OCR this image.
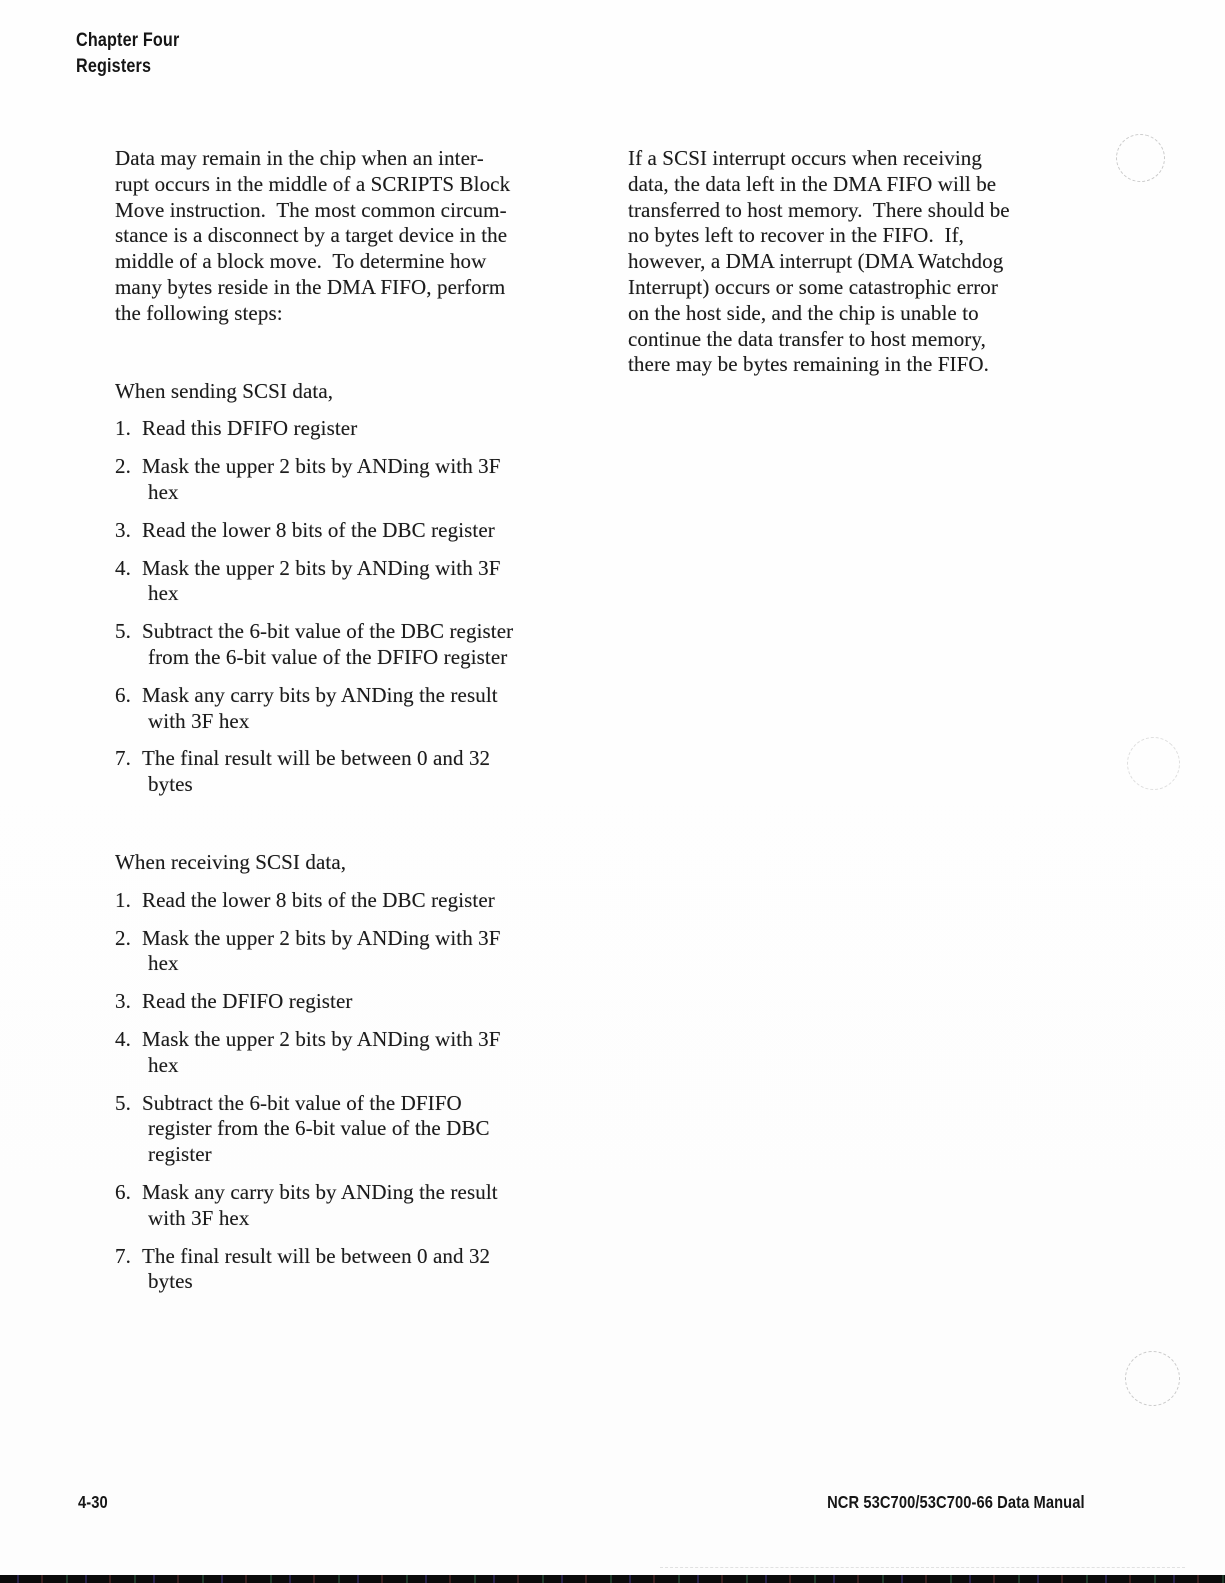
Chapter Four
Registers
Data may remain in the chip when an inter-
rupt occurs in the middle of a SCRIPTS Block
Move instruction.  The most common circum-
stance is a disconnect by a target device in the
middle of a block move.  To determine how
many bytes reside in the DMA FIFO, perform
the following steps:
When sending SCSI data,
1. Read this DFIFO register
2. Mask the upper 2 bits by ANDing with 3F
hex
3. Read the lower 8 bits of the DBC register
4. Mask the upper 2 bits by ANDing with 3F
hex
5. Subtract the 6-bit value of the DBC register
from the 6-bit value of the DFIFO register
6. Mask any carry bits by ANDing the result
with 3F hex
7. The final result will be between 0 and 32
bytes
When receiving SCSI data,
1. Read the lower 8 bits of the DBC register
2. Mask the upper 2 bits by ANDing with 3F
hex
3. Read the DFIFO register
4. Mask the upper 2 bits by ANDing with 3F
hex
5. Subtract the 6-bit value of the DFIFO
register from the 6-bit value of the DBC
register
6. Mask any carry bits by ANDing the result
with 3F hex
7. The final result will be between 0 and 32
bytes
If a SCSI interrupt occurs when receiving
data, the data left in the DMA FIFO will be
transferred to host memory.  There should be
no bytes left to recover in the FIFO.  If,
however, a DMA interrupt (DMA Watchdog
Interrupt) occurs or some catastrophic error
on the host side, and the chip is unable to
continue the data transfer to host memory,
there may be bytes remaining in the FIFO.
4-30	NCR 53C700/53C700-66 Data Manual
